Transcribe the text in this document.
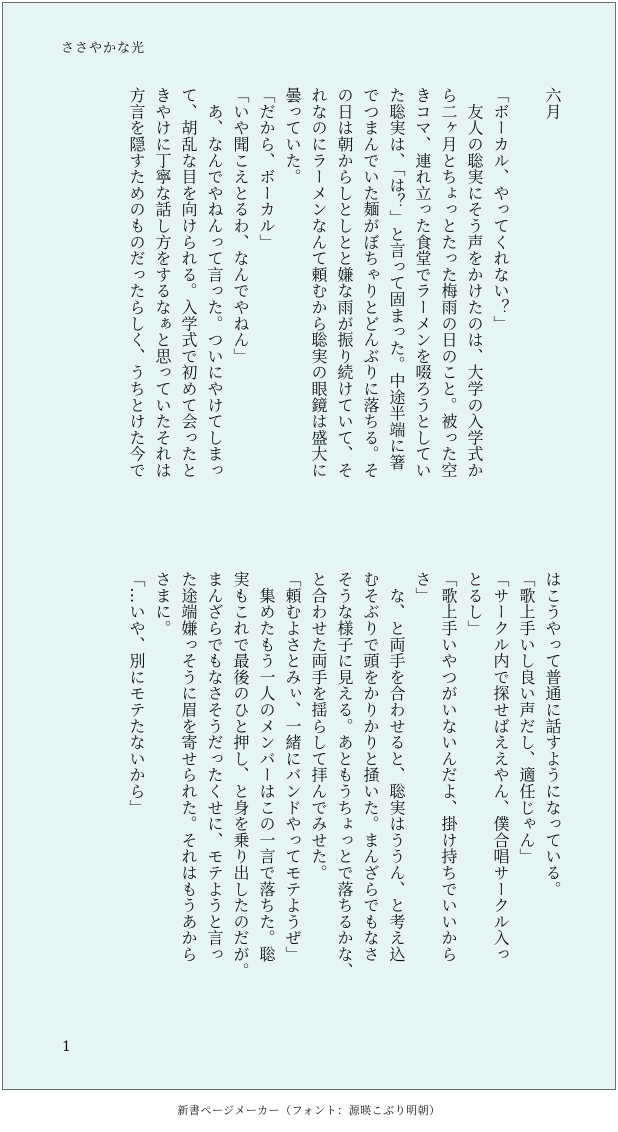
ささやかな光
六月

「ボーカル、やってくれない？」
　友人の聡実にそう声をかけたのは、大学の入学式か
ら二ヶ月とちょっとたった梅雨の日のこと。被った空
きコマ、連れ立った食堂でラーメンを啜ろうとしてい
た聡実は、「は？」と言って固まった。中途半端に箸
でつまんでいた麺がぼちゃりとどんぶりに落ちる。そ
の日は朝からしとしとと嫌な雨が振り続けていて、そ
れなのにラーメンなんて頼むから聡実の眼鏡は盛大に
曇っていた。
「だから、ボーカル」
「いや聞こえとるわ、なんでやねん」
　あ、なんでやねんって言った。ついにやけてしまっ
て、胡乱な目を向けられる。入学式で初めて会ったと
きやけに丁寧な話し方をするなぁと思っていたそれは
方言を隠すためのものだったらしく、うちとけた今で
はこうやって普通に話すようになっている。
「歌上手いし良い声だし、適任じゃん」
「サークル内で探せばええやん、僕合唱サークル入っ
とるし」
「歌上手いやつがいないんだよ、掛け持ちでいいから
さ」
　な、と両手を合わせると、聡実はううん、と考え込
むそぶりで頭をかりかりと掻いた。まんざらでもなさ
そうな様子に見える。あともうちょっとで落ちるかな、
と合わせた両手を揺らして拝んでみせた。
「頼むよさとみぃ、一緒にバンドやってモテようぜ」
　集めたもう一人のメンバーはこの一言で落ちた。聡
実もこれで最後のひと押し、と身を乗り出したのだが。
まんざらでもなさそうだったくせに、モテようと言っ
た途端嫌っそうに眉を寄せられた。それはもうあから
さまに。
「…いや、別にモテたないから」
1
新書ページメーカー（フォント：源暎こぶり明朝）
